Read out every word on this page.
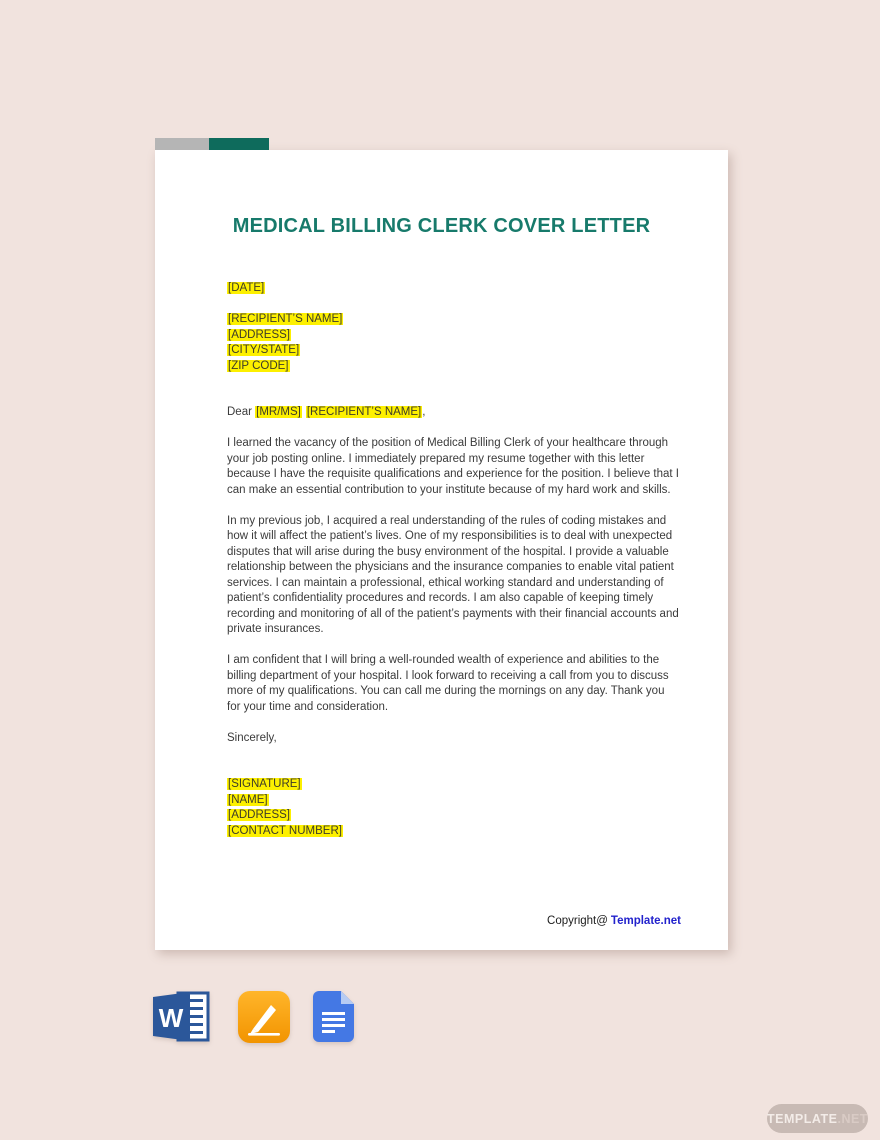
MEDICAL BILLING CLERK COVER LETTER
[DATE]
[RECIPIENT’S NAME]
[ADDRESS]
[CITY/STATE]
[ZIP CODE]
Dear [MR/MS] [RECIPIENT’S NAME],

I learned the vacancy of the position of Medical Billing Clerk of your healthcare through your job posting online. I immediately prepared my resume together with this letter because I have the requisite qualifications and experience for the position. I believe that I can make an essential contribution to your institute because of my hard work and skills.

In my previous job, I acquired a real understanding of the rules of coding mistakes and how it will affect the patient’s lives. One of my responsibilities is to deal with unexpected disputes that will arise during the busy environment of the hospital. I provide a valuable relationship between the physicians and the insurance companies to enable vital patient services. I can maintain a professional, ethical working standard and understanding of patient’s confidentiality procedures and records. I am also capable of keeping timely recording and monitoring of all of the patient’s payments with their financial accounts and private insurances.

I am confident that I will bring a well-rounded wealth of experience and abilities to the billing department of your hospital. I look forward to receiving a call from you to discuss more of my qualifications. You can call me during the mornings on any day. Thank you for your time and consideration.

Sincerely,
[SIGNATURE]
[NAME]
[ADDRESS]
[CONTACT NUMBER]
Copyright@ Template.net
W
TEMPLATE .NET
